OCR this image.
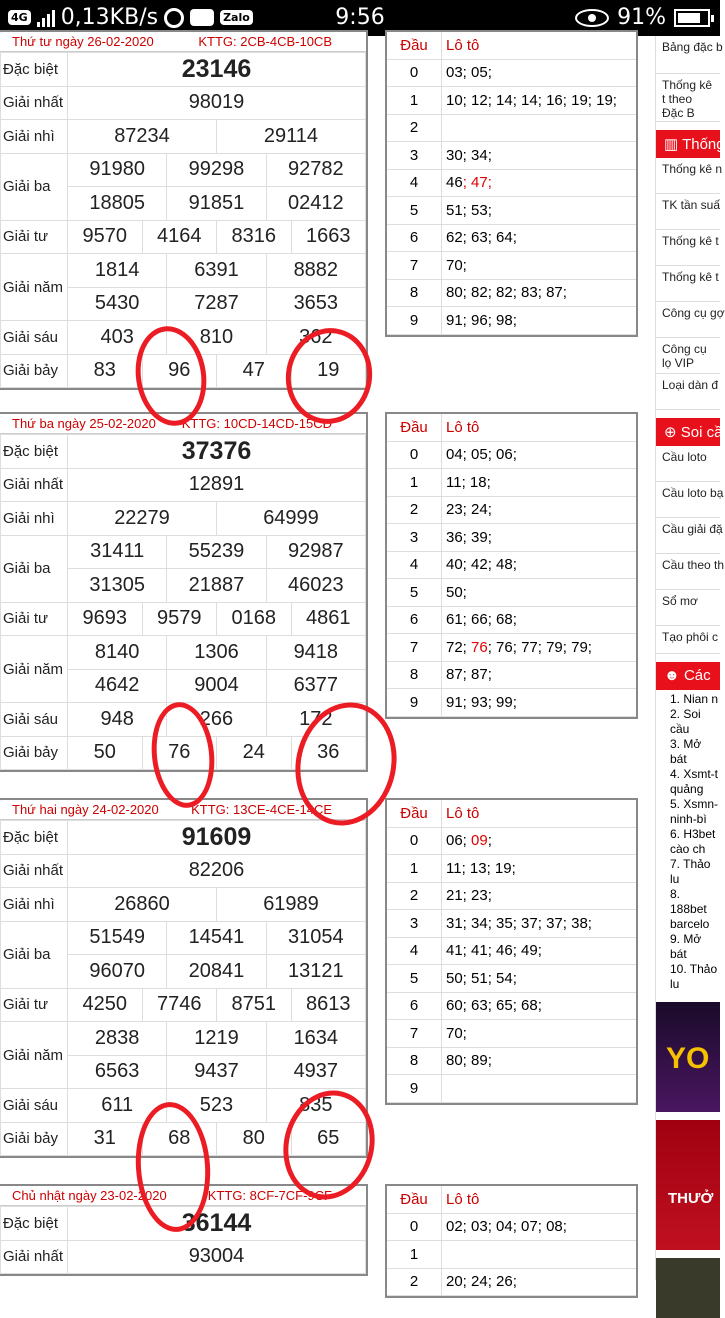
4G 0,13KB/s	Zalo	9:56	91%
Thứ tư ngày 26-02-2020	KTTG: 2CB-4CB-10CB
Đặc biệt	23146
Giải nhất	98019
Giải nhì	87234 29114

Giải ba	91980 99298 92782

18805 91851 02412

Giải tư	9570 4164 8316 1663

Giải năm	1814 6391 8882

5430 7287 3653

Giải sáu	403 810 362

Giải bảy	83 96 47 19
Đầu	Lô tô
0	03; 05;
1	10; 12; 14; 14; 16; 19; 19;
2
3	30; 34;
4	46; 47;
5	51; 53;
6	62; 63; 64;
7	70;
8	80; 82; 82; 83; 87;
9	91; 96; 98;
Thứ ba ngày 25-02-2020 KTTG: 10CD-14CD-15CD
Đặc biệt	37376
Giải nhất	12891
Giải nhì	22279 64999

Giải ba	31411 55239 92987

31305 21887 46023

Giải tư	9693 9579 0168 4861

Giải năm	8140 1306 9418

4642 9004 6377

Giải sáu	948 266 172

Giải bảy	50 76 24 36
Đầu	Lô tô
0	04; 05; 06;
1	11; 18;
2	23; 24;
3	36; 39;
4	40; 42; 48;
5	50;
6	61; 66; 68;
7	72; 76; 76; 77; 79; 79;
8	87; 87;
9	91; 93; 99;
Thứ hai ngày 24-02-2020 KTTG: 13CE-4CE-14CE
Đặc biệt	91609
Giải nhất	82206
Giải nhì	26860 61989

Giải ba	51549 14541 31054

96070 20841 13121

Giải tư	4250 7746 8751 8613

Giải năm	2838 1219 1634

6563 9437 4937

Giải sáu	611 523 835

Giải bảy	31 68 80 65
Đầu	Lô tô
0	06; 09;
1	11; 13; 19;
2	21; 23;
3	31; 34; 35; 37; 37; 38;
4	41; 41; 46; 49;
5	50; 51; 54;
6	60; 63; 65; 68;
7	70;
8	80; 89;
9
Chủ nhật ngày 23-02-2020	KTTG: 8CF-7CF-9CF
Đặc biệt	36144
Giải nhất	93004
Đầu	Lô tô
0	02; 03; 04; 07; 08;
1
2	20; 24; 26;
Bảng đặc b
Thống kê t theo Đặc B
▥ Thống
Thống kê n
TK tần suấ
Thống kê t
Thống kê t
Công cụ gợ
Công cụ lọ VIP
Loại dàn đ
⊕ Soi cầ
Cầu loto
Cầu loto bạ
Cầu giải đặ
Cầu theo th
Sổ mơ
Tạo phôi c
☻ Các
1. Nian n
2. Soi cầu
3. Mở bát
4. Xsmt-t quảng
5. Xsmn- ninh-bì
6. H3bet cào ch
7. Thảo lu
8. 188bet barcelo
9. Mở bát
10. Thảo lu
YO
THƯỞ
